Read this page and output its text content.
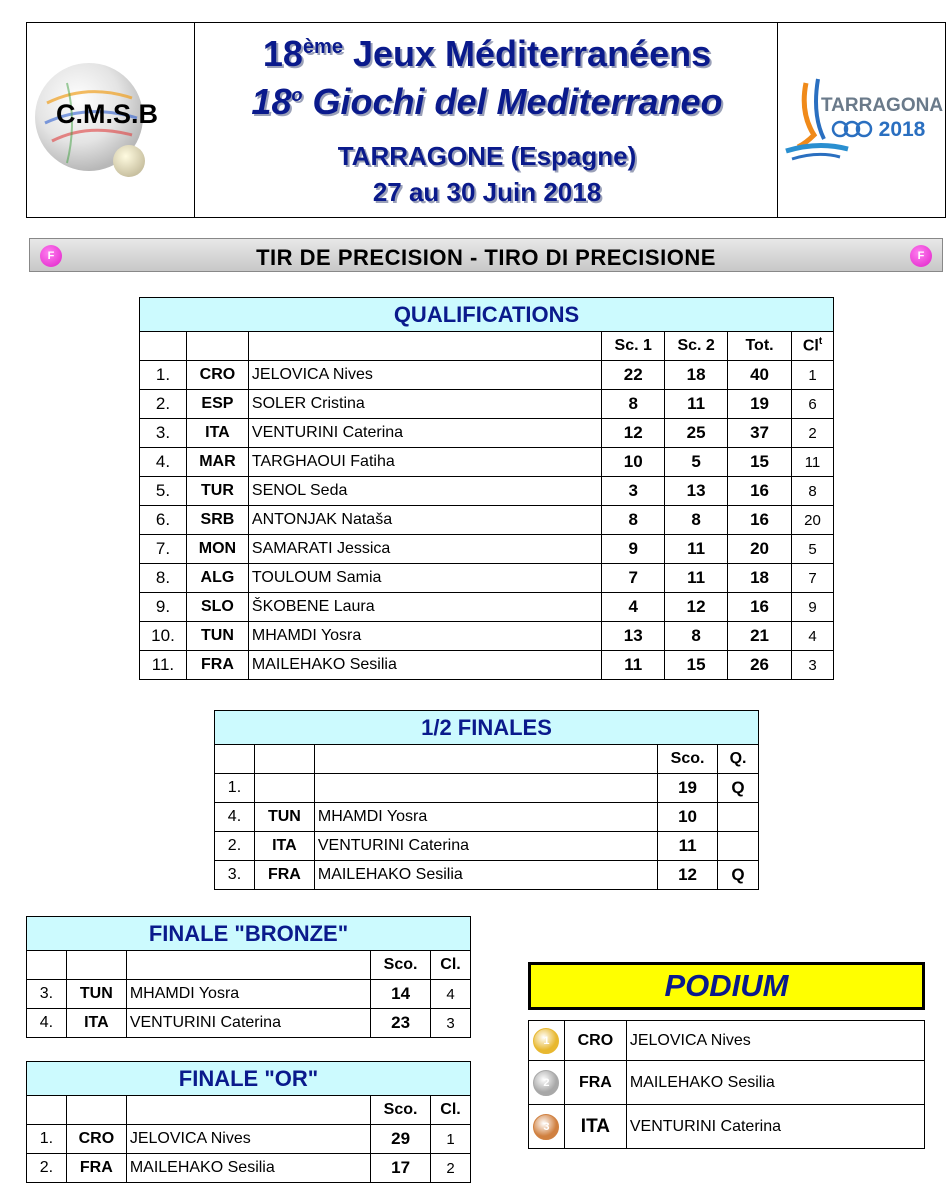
C.M.S.B
18ème Jeux Méditerranéens
18$^o$ Giochi del Mediterraneo
TARRAGONE (Espagne)
27 au 30 Juin 2018
TARRAGONA
2018
F	TIR DE PRECISION - TIRO DI PRECISIONE	F
QUALIFICATIONS						
			Sc. 1	Sc. 2	Tot.	Cl$^t$
1.	CRO	JELOVICA Nives	22	18	40	1
2.	ESP	SOLER Cristina	8	11	19	6
3.	ITA	VENTURINI Caterina	12	25	37	2
4.	MAR	TARGHAOUI Fatiha	10	5	15	11
5.	TUR	SENOL Seda	3	13	16	8
6.	SRB	ANTONJAK Nataša	8	8	16	20
7.	MON	SAMARATI Jessica	9	11	20	5
8.	ALG	TOULOUM Samia	7	11	18	7
9.	SLO	ŠKOBENE Laura	4	12	16	9
10.	TUN	MHAMDI Yosra	13	8	21	4
11.	FRA	MAILEHAKO Sesilia	11	15	26	3
1/2 FINALES				
			Sco.	Q.
1.			19	Q
4.	TUN	MHAMDI Yosra	10	
2.	ITA	VENTURINI Caterina	11	
3.	FRA	MAILEHAKO Sesilia	12	Q
FINALE "BRONZE"				
			Sco.	Cl.
3.	TUN	MHAMDI Yosra	14	4
4.	ITA	VENTURINI Caterina	23	3
FINALE "OR"				
			Sco.	Cl.
1.	CRO	JELOVICA Nives	29	1
2.	FRA	MAILEHAKO Sesilia	17	2
PODIUM
1	CRO	JELOVICA Nives

2	FRA	MAILEHAKO Sesilia

3	ITA	VENTURINI Caterina
